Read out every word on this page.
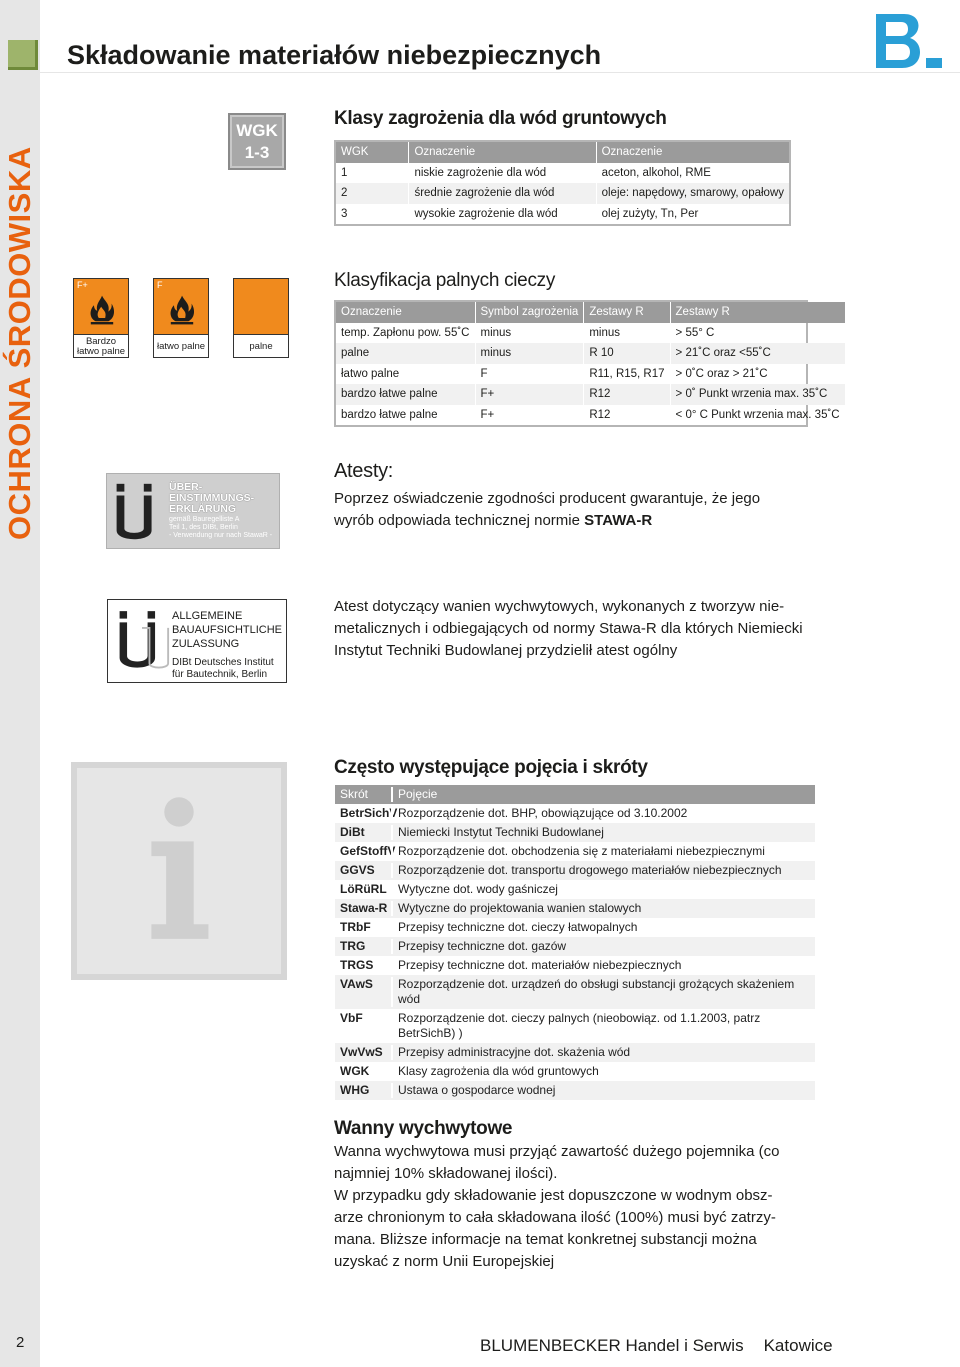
OCHRONA ŚRODOWISKA
Składowanie materiałów niebezpiecznych
WGK
1-3
Klasy zagrożenia dla wód gruntowych
WGK	Oznaczenie	Oznaczenie
1	niskie zagrożenie dla wód	aceton, alkohol, RME
2	średnie zagrożenie dla wód	oleje: napędowy, smarowy, opałowy
3	wysokie zagrożenie dla wód	olej zużyty, Tn, Per
F+
Bardzo łatwo palne
F
łatwo palne	palne
Klasyfikacja palnych cieczy
Oznaczenie	Symbol zagrożenia	Zestawy R	Zestawy R
temp. Zapłonu pow. 55˚C	minus	minus	> 55° C
palne	minus	R 10	> 21˚C oraz <55˚C
łatwo palne	F	R11, R15, R17	> 0˚C oraz > 21˚C
bardzo łatwe palne	F+	R12	> 0˚ Punkt wrzenia max. 35˚C
bardzo łatwe palne	F+	R12	< 0° C Punkt wrzenia max. 35˚C
ÜBER-
EINSTIMMUNGS-
ERKLÄRUNG
gemäß Bauregelliste A
Teil 1, des DIBt, Berlin
- Verwendung nur nach StawaR -
Atesty:
Poprzez oświadczenie zgodności producent gwarantuje, że jego wyrób odpowiada technicznej normie STAWA-R
ALLGEMEINE
BAUAUFSICHTLICHE
ZULASSUNG
DIBt Deutsches Institut
für Bautechnik, Berlin
Atest dotyczący wanien wychwytowych, wykonanych z tworzyw nie-metalicznych i odbiegających od normy Stawa-R dla których Niemiecki Instytut Techniki Budowlanej przydzielił atest ogólny
Często występujące pojęcia i skróty
Skrót	Pojęcie
BetrSichV Rozporządzenie dot. BHP, obowiązujące od 3.10.2002
DiBt	Niemiecki Instytut Techniki Budowlanej
GefStoffV Rozporządzenie dot. obchodzenia się z materiałami niebezpiecznymi
GGVS	Rozporządzenie dot. transportu drogowego materiałów niebezpiecznych
LöRüRL Wytyczne dot. wody gaśniczej
Stawa-R Wytyczne do projektowania wanien stalowych
TRbF	Przepisy techniczne dot. cieczy łatwopalnych
TRG	Przepisy techniczne dot. gazów
TRGS	Przepisy techniczne dot. materiałów niebezpiecznych
VAwS	Rozporządzenie dot. urządzeń do obsługi substancji grożących skażeniem wód
VbF	Rozporządzenie dot. cieczy palnych (nieobowiąz. od 1.1.2003, patrz BetrSichB) )
VwVwS	Przepisy administracyjne dot. skażenia wód
WGK	Klasy zagrożenia dla wód gruntowych
WHG	Ustawa o gospodarce wodnej
Wanny wychwytowe
Wanna wychwytowa musi przyjąć zawartość dużego pojemnika (co najmniej 10% składowanej ilości).
W przypadku gdy składowanie jest dopuszczone w wodnym obsz-arze chronionym to cała składowana ilość (100%) musi być zatrzy-mana. Bliższe informacje na temat konkretnej substancji można uzyskać z norm Unii Europejskiej
2	BLUMENBECKER Handel i Serwis Katowice
